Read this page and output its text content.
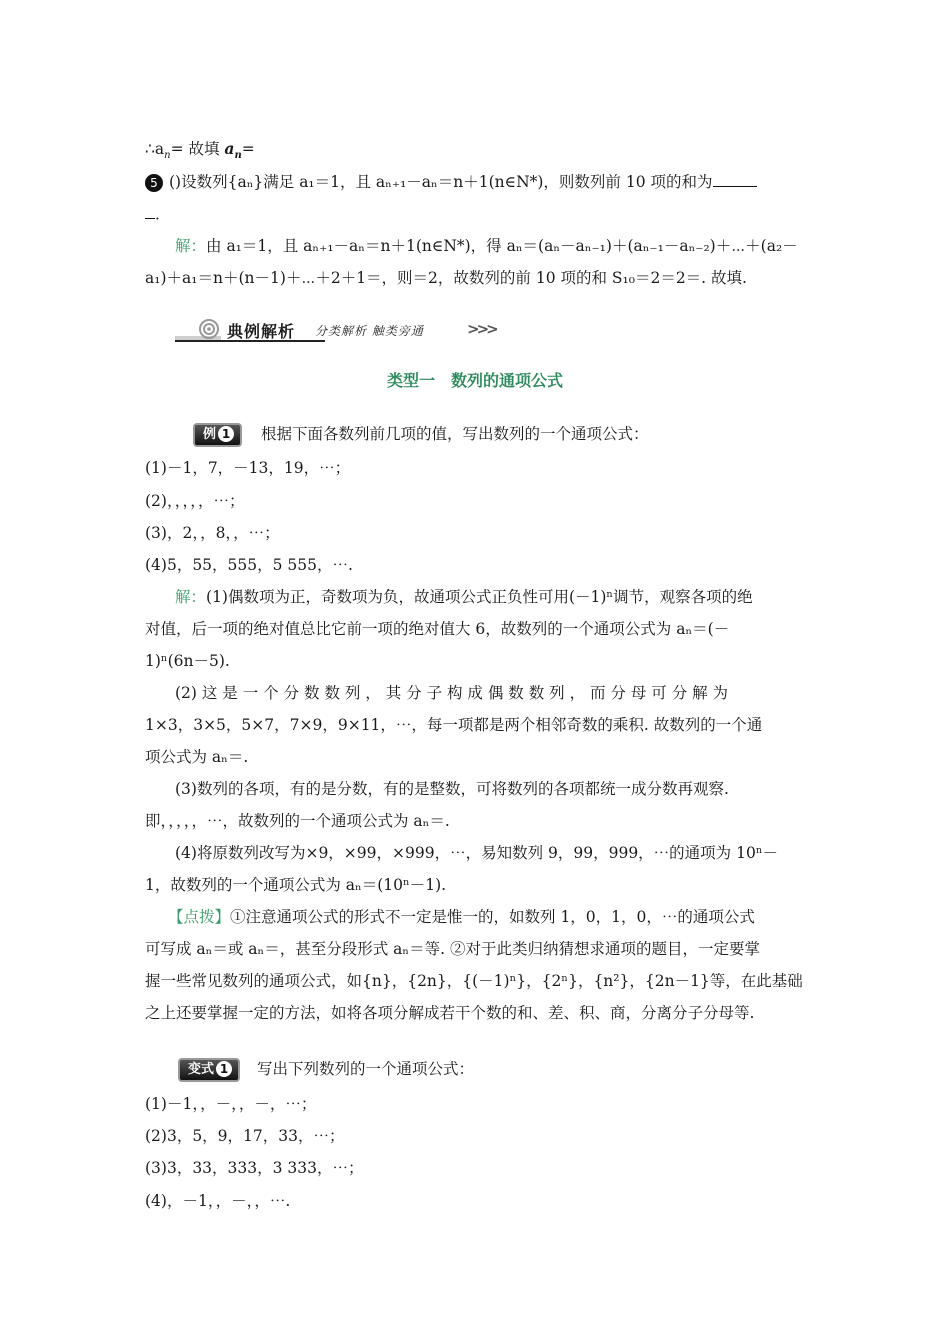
$\therefore a_n=$ 故填 $a_n=$
5 ()设数列{aₙ}满足 a₁＝1，且 aₙ₊₁－aₙ＝n＋1(n∈N*)，则数列前 10 项的和为
．
解：由 a₁＝1，且 aₙ₊₁－aₙ＝n＋1(n∈N*)，得 aₙ＝(aₙ－aₙ₋₁)＋(aₙ₋₁－aₙ₋₂)＋⋯＋(a₂－
a₁)＋a₁＝n＋(n－1)＋⋯＋2＋1＝，则＝2，故数列的前 10 项的和 S₁₀＝2＝2＝. 故填.
典例解析 分类解析 触类旁通	>>>
类型一　数列的通项公式
例 1 根据下面各数列前几项的值，写出数列的一个通项公式：
(1)－1，7，－13，19，⋯；
(2)，，，，，⋯；
(3)，2，，8，，⋯；
(4)5，55，555，5 555，⋯.
解：(1)偶数项为正，奇数项为负，故通项公式正负性可用(－1)ⁿ调节，观察各项的绝
对值，后一项的绝对值总比它前一项的绝对值大 6，故数列的一个通项公式为 aₙ＝(－
1)ⁿ(6n－5).
(2) 这 是 一 个 分 数 数 列 ， 其 分 子 构 成 偶 数 数 列 ， 而 分 母 可 分 解 为
1×3，3×5，5×7，7×9，9×11，⋯，每一项都是两个相邻奇数的乘积. 故数列的一个通
项公式为 aₙ＝.
(3)数列的各项，有的是分数，有的是整数，可将数列的各项都统一成分数再观察.
即，，，，，⋯，故数列的一个通项公式为 aₙ＝.
(4)将原数列改写为×9，×99，×999，⋯，易知数列 9，99，999，⋯的通项为 10ⁿ－
1，故数列的一个通项公式为 aₙ＝(10ⁿ－1).
【点拨】①注意通项公式的形式不一定是惟一的，如数列 1，0，1，0，⋯的通项公式
可写成 aₙ＝或 aₙ＝，甚至分段形式 aₙ＝等. ②对于此类归纳猜想求通项的题目，一定要掌
握一些常见数列的通项公式，如{n}，{2n}，{(－1)ⁿ}，{2ⁿ}，{n²}，{2n－1}等，在此基础
之上还要掌握一定的方法，如将各项分解成若干个数的和、差、积、商，分离分子分母等.
变式 1 写出下列数列的一个通项公式：
(1)－1，，－，，－，⋯；
(2)3，5，9，17，33，⋯；
(3)3，33，333，3 333，⋯；
(4)，－1，，－，，⋯.
